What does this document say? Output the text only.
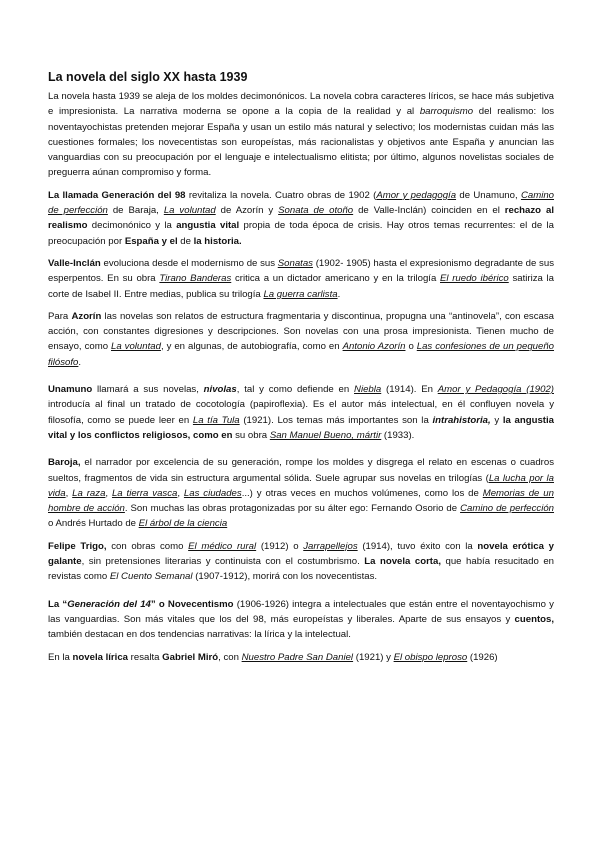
La novela del siglo XX hasta 1939

La novela hasta 1939 se aleja de los moldes decimonónicos. La novela cobra caracteres líricos, se hace más subjetiva e impresionista. La narrativa moderna se opone a la copia de la realidad y al barroquismo del realismo: los noventayochistas pretenden mejorar España y usan un estilo más natural y selectivo; los modernistas cuidan más las cuestiones formales; los novecentistas son europeístas, más racionalistas y objetivos ante España y anuncian las vanguardias con su preocupación por el lenguaje e intelectualismo elitista; por último, algunos novelistas sociales de preguerra aúnan compromiso y forma.

La llamada Generación del 98 revitaliza la novela. Cuatro obras de 1902 (Amor y pedagogía de Unamuno, Camino de perfección de Baraja, La voluntad de Azorín y Sonata de otoño de Valle-Inclán) coinciden en el rechazo al realismo decimonónico y la angustia vital propia de toda época de crisis. Hay otros temas recurrentes: el de la preocupación por España y el de la historia.

Valle-Inclán evoluciona desde el modernismo de sus Sonatas (1902- 1905) hasta el expresionismo degradante de sus esperpentos. En su obra Tirano Banderas critica a un dictador americano y en la trilogía El ruedo ibérico satiriza la corte de Isabel II. Entre medias, publica su trilogía La guerra carlista.

Para Azorín las novelas son relatos de estructura fragmentaria y discontinua, propugna una “antinovela”, con escasa acción, con constantes digresiones y descripciones. Son novelas con una prosa impresionista. Tienen mucho de ensayo, como La voluntad, y en algunas, de autobiografía, como en Antonio Azorín o Las confesiones de un pequeño filósofo.

Unamuno llamará a sus novelas, nivolas, tal y como defiende en Niebla (1914). En Amor y Pedagogía (1902) introducía al final un tratado de cocotología (papiroflexia). Es el autor más intelectual, en él confluyen novela y filosofía, como se puede leer en La tía Tula (1921). Los temas más importantes son la intrahistoria, y la angustia vital y los conflictos religiosos, como en su obra San Manuel Bueno, mártir (1933).

Baroja, el narrador por excelencia de su generación, rompe los moldes y disgrega el relato en escenas o cuadros sueltos, fragmentos de vida sin estructura argumental sólida. Suele agrupar sus novelas en trilogías (La lucha por la vida, La raza, La tierra vasca, Las ciudades...) y otras veces en muchos volúmenes, como los de Memorias de un hombre de acción. Son muchas las obras protagonizadas por su álter ego: Fernando Osorio de Camino de perfección o Andrés Hurtado de El árbol de la ciencia

Felipe Trigo, con obras como El médico rural (1912) o Jarrapellejos (1914), tuvo éxito con la novela erótica y galante, sin pretensiones literarias y continuista con el costumbrismo. La novela corta, que había resucitado en revistas como El Cuento Semanal (1907-1912), morirá con los novecentistas.

La “Generación del 14” o Novecentismo (1906-1926) integra a intelectuales que están entre el noventayochismo y las vanguardias. Son más vitales que los del 98, más europeístas y liberales. Aparte de sus ensayos y cuentos, también destacan en dos tendencias narrativas: la lírica y la intelectual.

En la novela lírica resalta Gabriel Miró, con Nuestro Padre San Daniel (1921) y El obispo leproso (1926)
